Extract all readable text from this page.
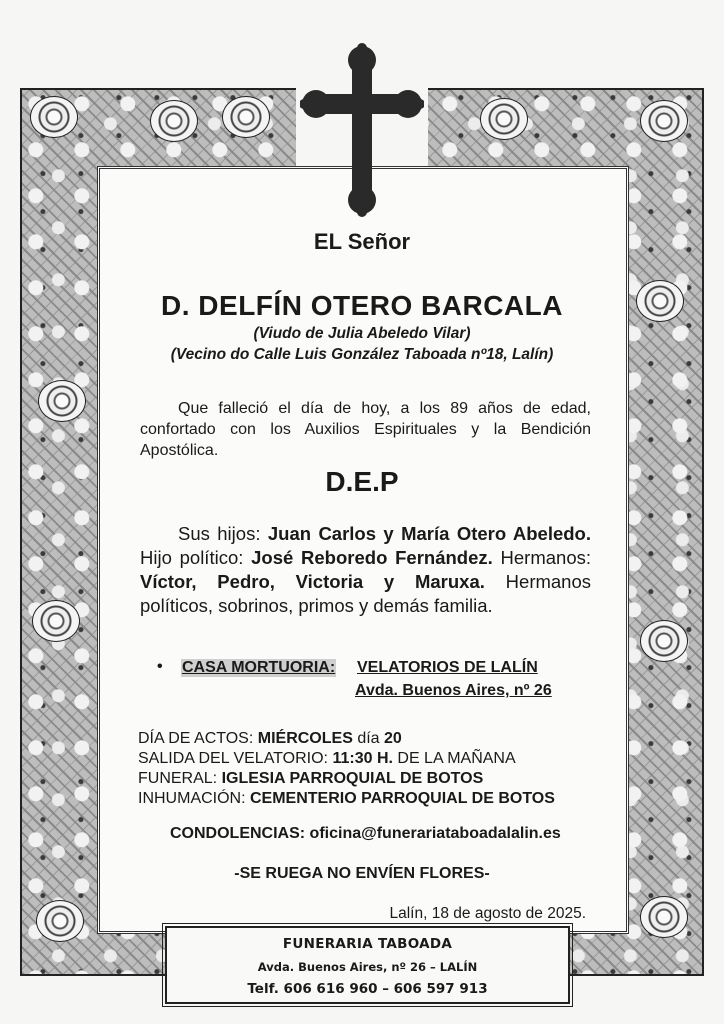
EL Señor
D. DELFÍN OTERO BARCALA
(Viudo de Julia Abeledo Vilar)
(Vecino do Calle Luis González Taboada nº18, Lalín)
Que falleció el día de hoy, a los 89 años de edad, confortado con los Auxilios Espirituales y la Bendición Apostólica.
D.E.P
Sus hijos: Juan Carlos y María Otero Abeledo. Hijo político: José Reboredo Fernández. Hermanos: Víctor, Pedro, Victoria y Maruxa. Hermanos políticos, sobrinos, primos y demás familia.
• CASA MORTUORIA: VELATORIOS DE LALÍN
Avda. Buenos Aires, nº 26
DÍA DE ACTOS: MIÉRCOLES día 20
SALIDA DEL VELATORIO: 11:30 H. DE LA MAÑANA
FUNERAL: IGLESIA PARROQUIAL DE BOTOS
INHUMACIÓN: CEMENTERIO PARROQUIAL DE BOTOS
CONDOLENCIAS: oficina@funerariataboadalalin.es
-SE RUEGA NO ENVÍEN FLORES-
Lalín, 18 de agosto de 2025.
FUNERARIA TABOADA
Avda. Buenos Aires, nº 26 – LALÍN
Telf. 606 616 960 – 606 597 913
